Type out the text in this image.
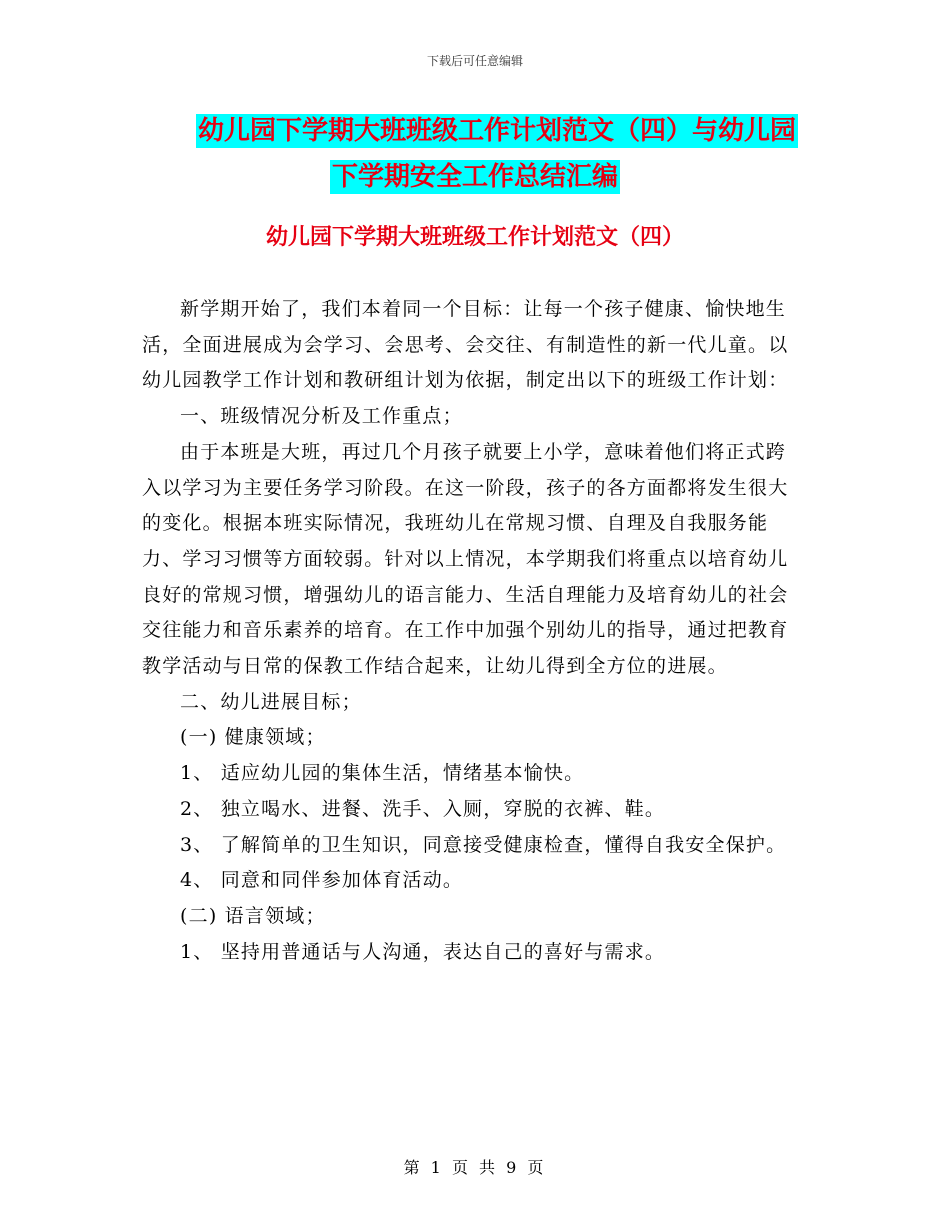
下载后可任意编辑
幼儿园下学期大班班级工作计划范文（四）与幼儿园
下学期安全工作总结汇编
幼儿园下学期大班班级工作计划范文（四）

新学期开始了，我们本着同一个目标：让每一个孩子健康、愉快地生活，全面进展成为会学习、会思考、会交往、有制造性的新一代儿童。以幼儿园教学工作计划和教研组计划为依据，制定出以下的班级工作计划：

一、班级情况分析及工作重点；

由于本班是大班，再过几个月孩子就要上小学，意味着他们将正式跨入以学习为主要任务学习阶段。在这一阶段，孩子的各方面都将发生很大的变化。根据本班实际情况，我班幼儿在常规习惯、自理及自我服务能力、学习习惯等方面较弱。针对以上情况，本学期我们将重点以培育幼儿良好的常规习惯，增强幼儿的语言能力、生活自理能力及培育幼儿的社会交往能力和音乐素养的培育。在工作中加强个别幼儿的指导，通过把教育教学活动与日常的保教工作结合起来，让幼儿得到全方位的进展。

二、幼儿进展目标；

(一) 健康领域；

1、 适应幼儿园的集体生活，情绪基本愉快。

2、 独立喝水、进餐、洗手、入厕，穿脱的衣裤、鞋。

3、 了解简单的卫生知识，同意接受健康检查，懂得自我安全保护。

4、 同意和同伴参加体育活动。

(二) 语言领域；

1、 坚持用普通话与人沟通，表达自己的喜好与需求。

第 1 页 共 9 页
